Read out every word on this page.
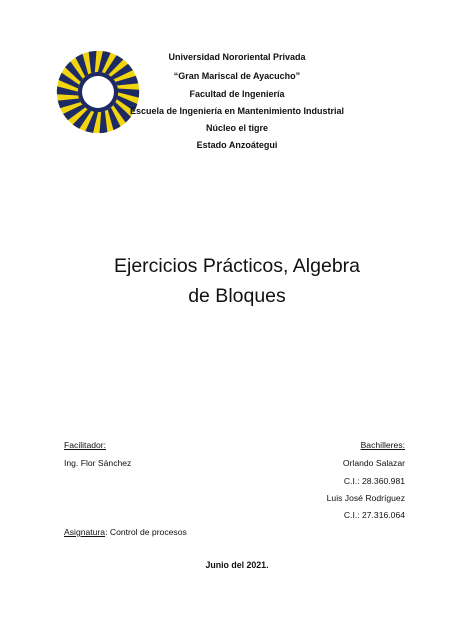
Universidad Nororiental Privada
“Gran Mariscal de Ayacucho”
Facultad de Ingeniería
Escuela de Ingeniería en Mantenimiento Industrial
Núcleo el tigre
Estado Anzoátegui
Ejercicios Prácticos, Algebra
de Bloques
Facilitador:
Ing. Flor Sánchez
Bachilleres:
Orlando Salazar
C.I.: 28.360.981
Luis José Rodríguez
C.I.: 27.316.064
Asignatura: Control de procesos
Junio del 2021.
